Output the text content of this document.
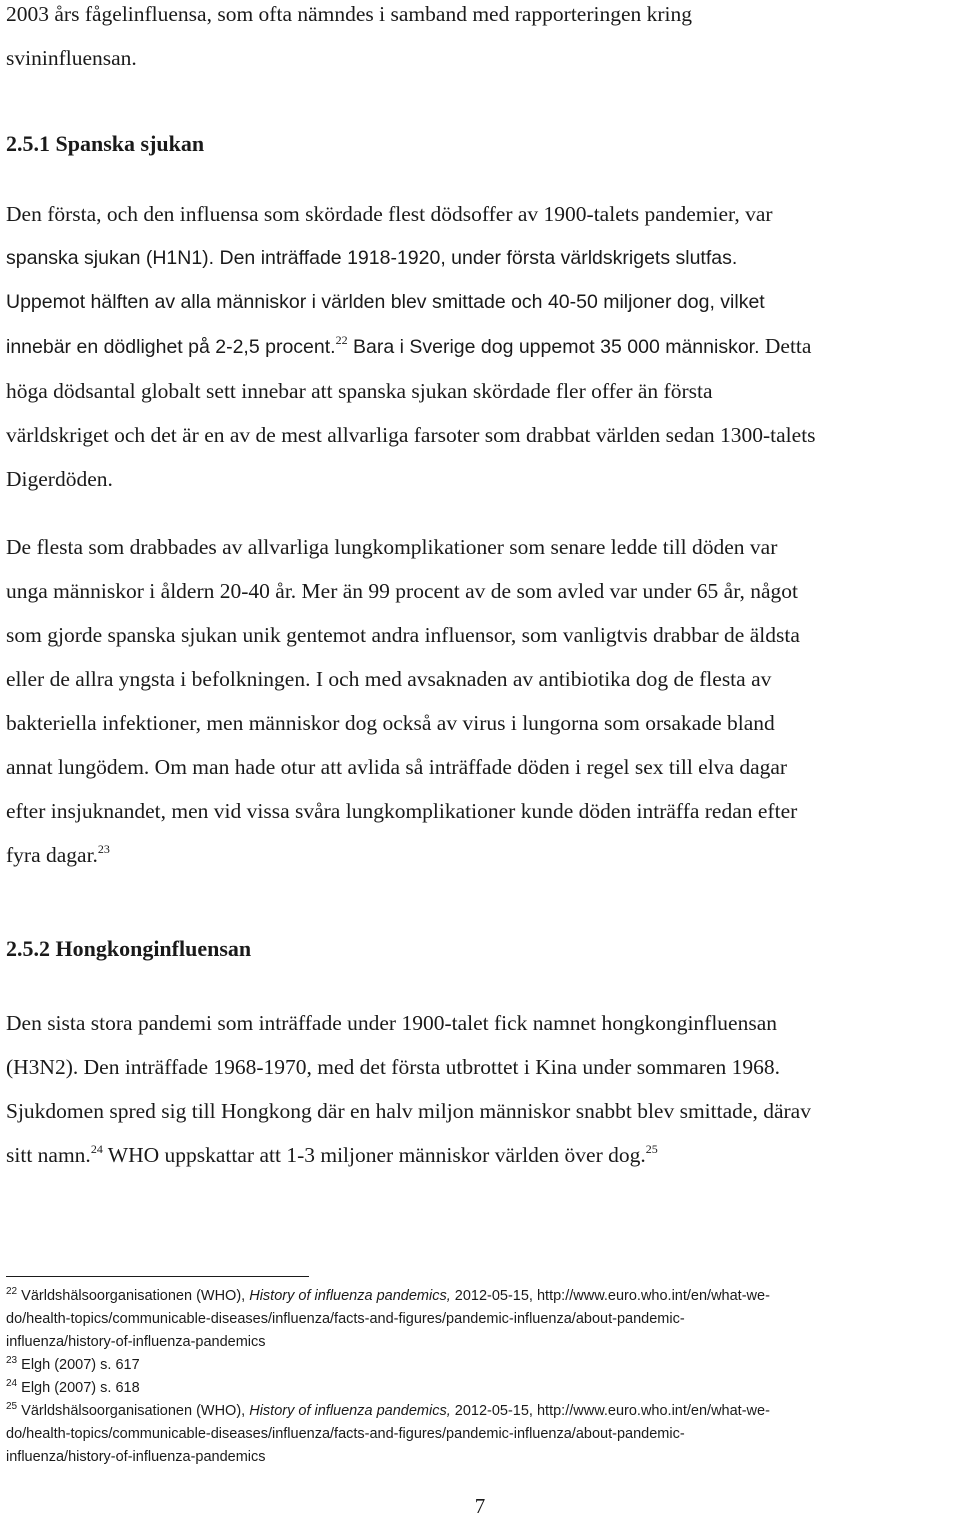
2003 års fågelinfluensa, som ofta nämndes i samband med rapporteringen kring
svininfluensan.

2.5.1 Spanska sjukan

Den första, och den influensa som skördade flest dödsoffer av 1900-talets pandemier, var
spanska sjukan (H1N1). Den inträffade 1918-1920, under första världskrigets slutfas.
Uppemot hälften av alla människor i världen blev smittade och 40-50 miljoner dog, vilket
innebär en dödlighet på 2-2,5 procent.$^{22}$ Bara i Sverige dog uppemot 35 000 människor. Detta
höga dödsantal globalt sett innebar att spanska sjukan skördade fler offer än första
världskriget och det är en av de mest allvarliga farsoter som drabbat världen sedan 1300-talets
Digerdöden.

De flesta som drabbades av allvarliga lungkomplikationer som senare ledde till döden var
unga människor i åldern 20-40 år. Mer än 99 procent av de som avled var under 65 år, något
som gjorde spanska sjukan unik gentemot andra influensor, som vanligtvis drabbar de äldsta
eller de allra yngsta i befolkningen. I och med avsaknaden av antibiotika dog de flesta av
bakteriella infektioner, men människor dog också av virus i lungorna som orsakade bland
annat lungödem. Om man hade otur att avlida så inträffade döden i regel sex till elva dagar
efter insjuknandet, men vid vissa svåra lungkomplikationer kunde döden inträffa redan efter
fyra dagar.$^{23}$

2.5.2 Hongkonginfluensan

Den sista stora pandemi som inträffade under 1900-talet fick namnet hongkonginfluensan
(H3N2). Den inträffade 1968-1970, med det första utbrottet i Kina under sommaren 1968.
Sjukdomen spred sig till Hongkong där en halv miljon människor snabbt blev smittade, därav
sitt namn.$^{24}$ WHO uppskattar att 1-3 miljoner människor världen över dog.$^{25}$

$^{22}$ Världshälsoorganisationen (WHO), History of influenza pandemics, 2012-05-15, http://www.euro.who.int/en/what-we-
do/health-topics/communicable-diseases/influenza/facts-and-figures/pandemic-influenza/about-pandemic-
influenza/history-of-influenza-pandemics
$^{23}$ Elgh (2007) s. 617
$^{24}$ Elgh (2007) s. 618
$^{25}$ Världshälsoorganisationen (WHO), History of influenza pandemics, 2012-05-15, http://www.euro.who.int/en/what-we-
do/health-topics/communicable-diseases/influenza/facts-and-figures/pandemic-influenza/about-pandemic-
influenza/history-of-influenza-pandemics
7
